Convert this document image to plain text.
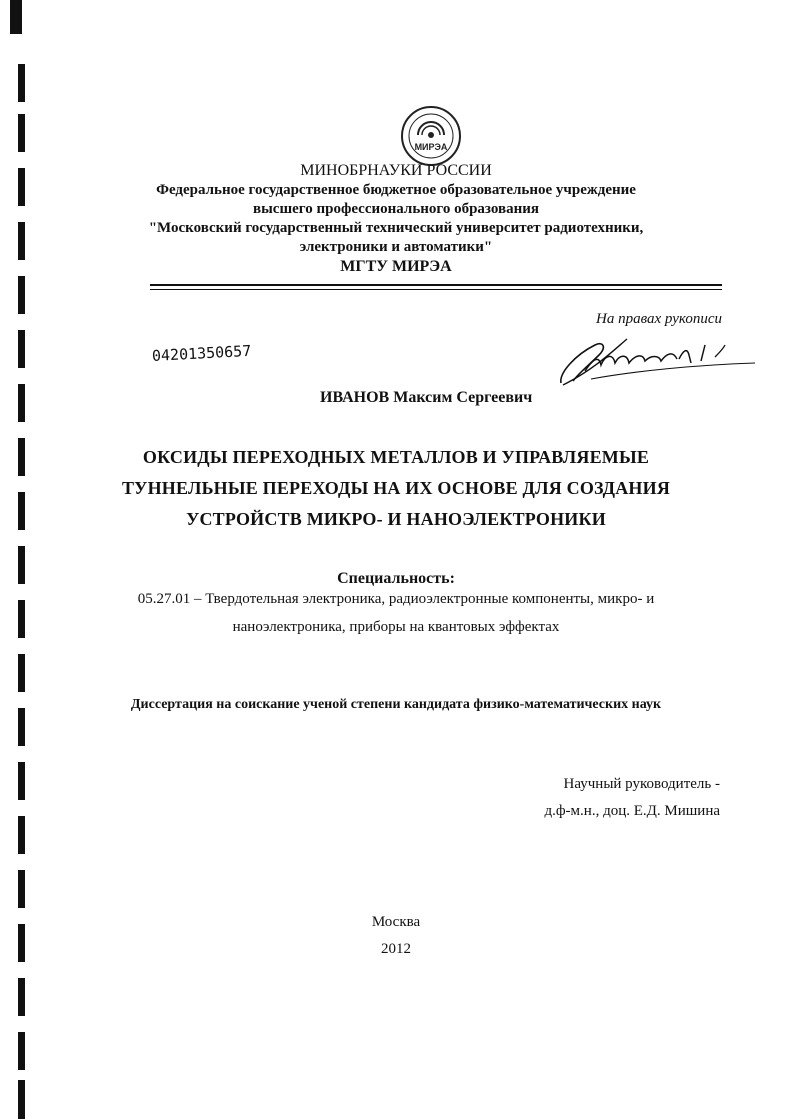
МИРЭА
МИНОБРНАУКИ РОССИИ
Федеральное государственное бюджетное образовательное учреждение
высшего профессионального образования
"Московский государственный технический университет радиотехники,
электроники и автоматики"
МГТУ МИРЭА
На правах рукописи
04201350657
Иванов
ИВАНОВ Максим Сергеевич
ОКСИДЫ ПЕРЕХОДНЫХ МЕТАЛЛОВ И УПРАВЛЯЕМЫЕ
ТУННЕЛЬНЫЕ ПЕРЕХОДЫ НА ИХ ОСНОВЕ ДЛЯ СОЗДАНИЯ
УСТРОЙСТВ МИКРО- И НАНОЭЛЕКТРОНИКИ
Специальность:
05.27.01 – Твердотельная электроника, радиоэлектронные компоненты, микро- и
наноэлектроника, приборы на квантовых эффектах
Диссертация на соискание ученой степени кандидата физико-математических наук
Научный руководитель -
д.ф-м.н., доц. Е.Д. Мишина
Москва
2012
